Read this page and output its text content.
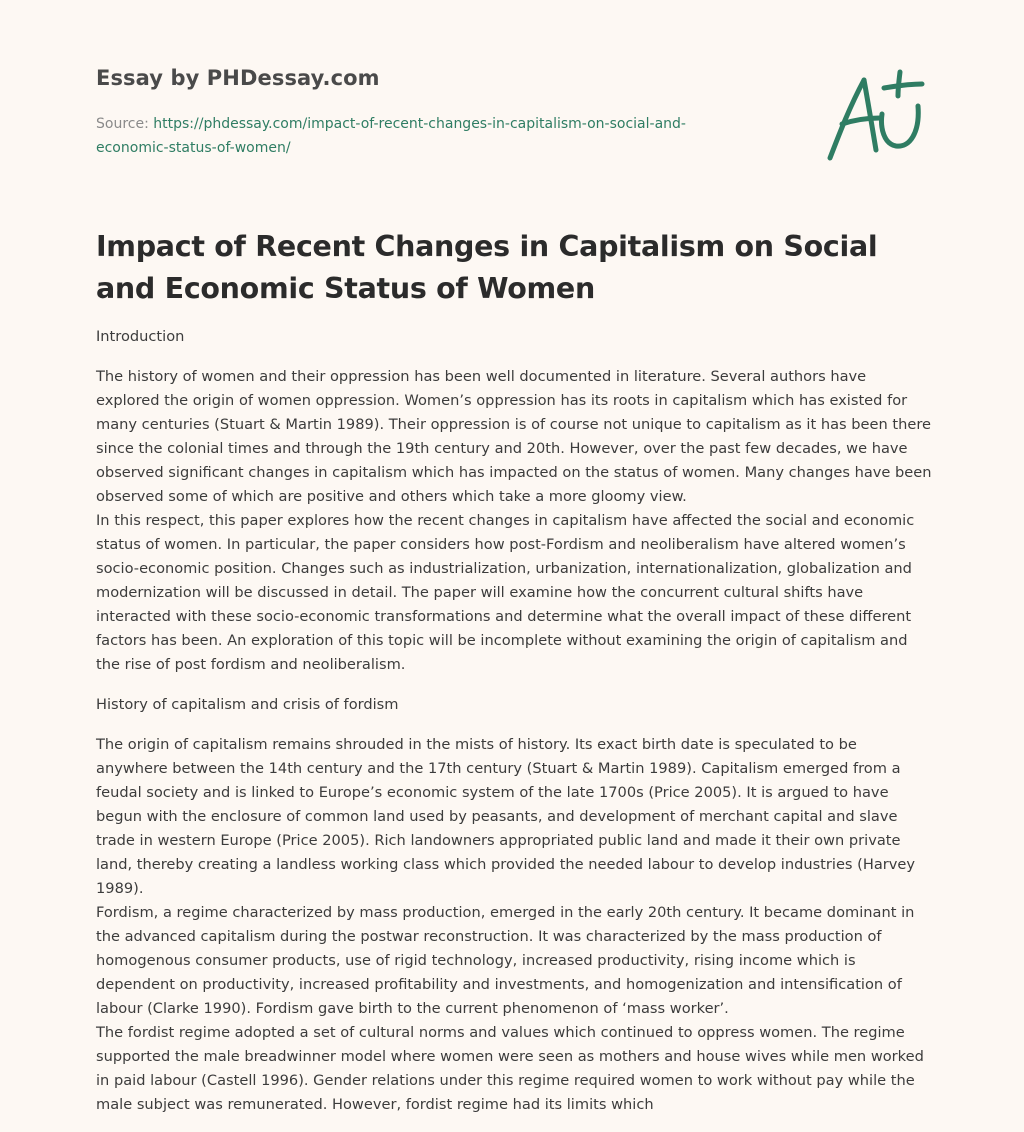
Essay by PHDessay.com
Source: https://phdessay.com/impact-of-recent-changes-in-capitalism-on-social-and-
economic-status-of-women/
Impact of Recent Changes in Capitalism on Social and Economic Status of Women

Introduction

The history of women and their oppression has been well documented in literature. Several authors have explored the origin of women oppression. Women’s oppression has its roots in capitalism which has existed for many centuries (Stuart & Martin 1989). Their oppression is of course not unique to capitalism as it has been there since the colonial times and through the 19th century and 20th. However, over the past few decades, we have observed significant changes in capitalism which has impacted on the status of women. Many changes have been observed some of which are positive and others which take a more gloomy view.

In this respect, this paper explores how the recent changes in capitalism have affected the social and economic status of women. In particular, the paper considers how post-Fordism and neoliberalism have altered women’s socio-economic position. Changes such as industrialization, urbanization, internationalization, globalization and modernization will be discussed in detail. The paper will examine how the concurrent cultural shifts have interacted with these socio-economic transformations and determine what the overall impact of these different factors has been. An exploration of this topic will be incomplete without examining the origin of capitalism and the rise of post fordism and neoliberalism.

History of capitalism and crisis of fordism

The origin of capitalism remains shrouded in the mists of history. Its exact birth date is speculated to be anywhere between the 14th century and the 17th century (Stuart & Martin 1989). Capitalism emerged from a feudal society and is linked to Europe’s economic system of the late 1700s (Price 2005). It is argued to have begun with the enclosure of common land used by peasants, and development of merchant capital and slave trade in western Europe (Price 2005). Rich landowners appropriated public land and made it their own private land, thereby creating a landless working class which provided the needed labour to develop industries (Harvey 1989).

Fordism, a regime characterized by mass production, emerged in the early 20th century. It became dominant in the advanced capitalism during the postwar reconstruction. It was characterized by the mass production of homogenous consumer products, use of rigid technology, increased productivity, rising income which is dependent on productivity, increased profitability and investments, and homogenization and intensification of labour (Clarke 1990). Fordism gave birth to the current phenomenon of ‘mass worker’.

The fordist regime adopted a set of cultural norms and values which continued to oppress women. The regime supported the male breadwinner model where women were seen as mothers and house wives while men worked in paid labour (Castell 1996). Gender relations under this regime required women to work without pay while the male subject was remunerated. However, fordist regime had its limits which
